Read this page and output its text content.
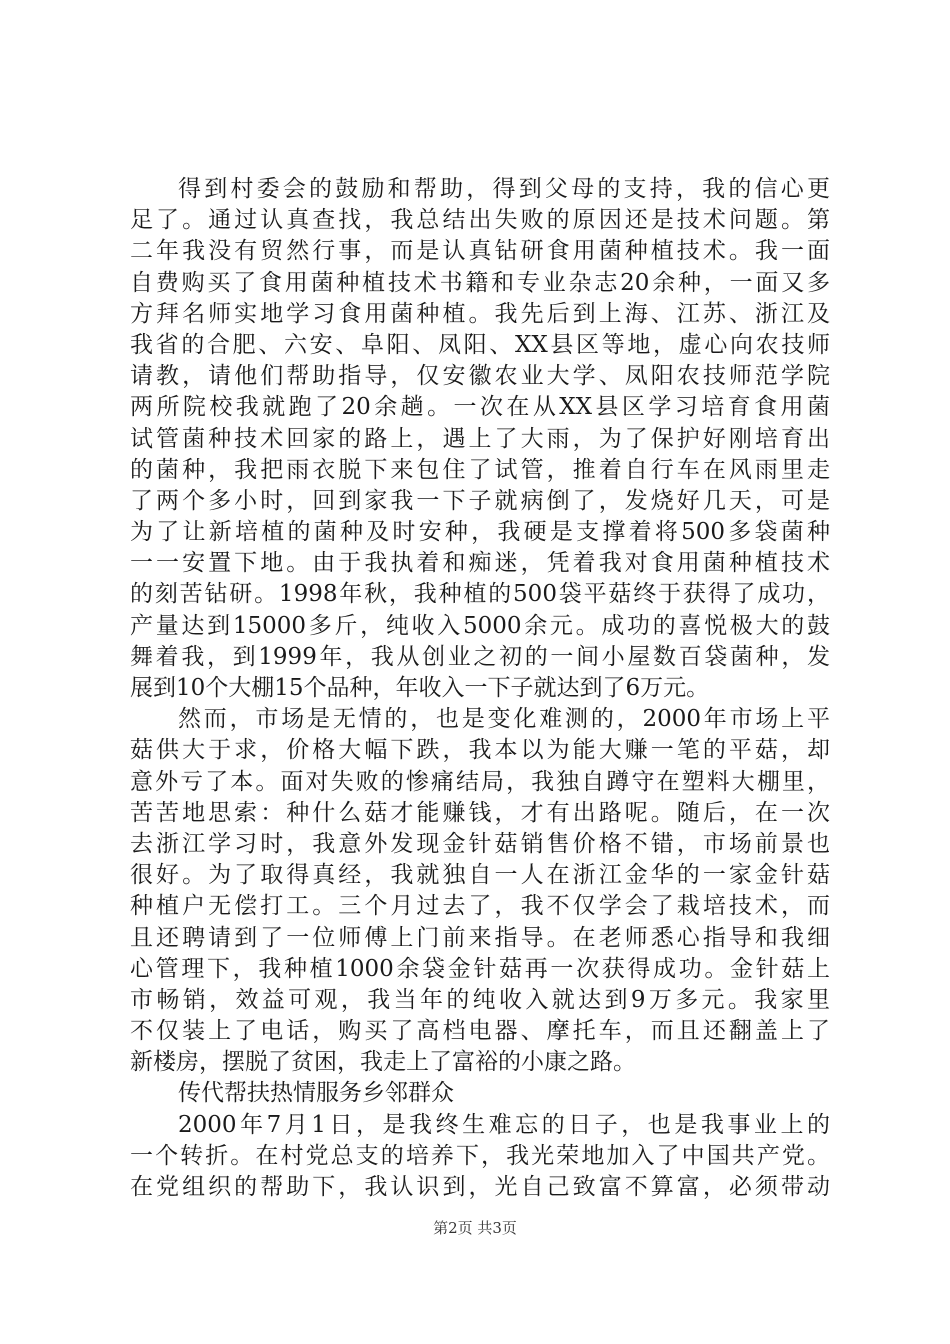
得到村委会的鼓励和帮助，得到父母的支持，我的信心更
足了。通过认真查找，我总结出失败的原因还是技术问题。第
二年我没有贸然行事，而是认真钻研食用菌种植技术。我一面
自费购买了食用菌种植技术书籍和专业杂志20余种，一面又多
方拜名师实地学习食用菌种植。我先后到上海、江苏、浙江及
我省的合肥、六安、阜阳、凤阳、XX县区等地，虚心向农技师
请教，请他们帮助指导，仅安徽农业大学、凤阳农技师范学院
两所院校我就跑了20余趟。一次在从XX县区学习培育食用菌
试管菌种技术回家的路上，遇上了大雨，为了保护好刚培育出
的菌种，我把雨衣脱下来包住了试管，推着自行车在风雨里走
了两个多小时，回到家我一下子就病倒了，发烧好几天，可是
为了让新培植的菌种及时安种，我硬是支撑着将500多袋菌种
一一安置下地。由于我执着和痴迷，凭着我对食用菌种植技术
的刻苦钻研。1998年秋，我种植的500袋平菇终于获得了成功，
产量达到15000多斤，纯收入5000余元。成功的喜悦极大的鼓
舞着我，到1999年，我从创业之初的一间小屋数百袋菌种，发
展到10个大棚15个品种，年收入一下子就达到了6万元。
然而，市场是无情的，也是变化难测的，2000年市场上平
菇供大于求，价格大幅下跌，我本以为能大赚一笔的平菇，却
意外亏了本。面对失败的惨痛结局，我独自蹲守在塑料大棚里，
苦苦地思索：种什么菇才能赚钱，才有出路呢。随后，在一次
去浙江学习时，我意外发现金针菇销售价格不错，市场前景也
很好。为了取得真经，我就独自一人在浙江金华的一家金针菇
种植户无偿打工。三个月过去了，我不仅学会了栽培技术，而
且还聘请到了一位师傅上门前来指导。在老师悉心指导和我细
心管理下，我种植1000余袋金针菇再一次获得成功。金针菇上
市畅销，效益可观，我当年的纯收入就达到9万多元。我家里
不仅装上了电话，购买了高档电器、摩托车，而且还翻盖上了
新楼房，摆脱了贫困，我走上了富裕的小康之路。
传代帮扶热情服务乡邻群众
2000年7月1日，是我终生难忘的日子，也是我事业上的
一个转折。在村党总支的培养下，我光荣地加入了中国共产党。
在党组织的帮助下，我认识到，光自己致富不算富，必须带动
第2页 共3页
